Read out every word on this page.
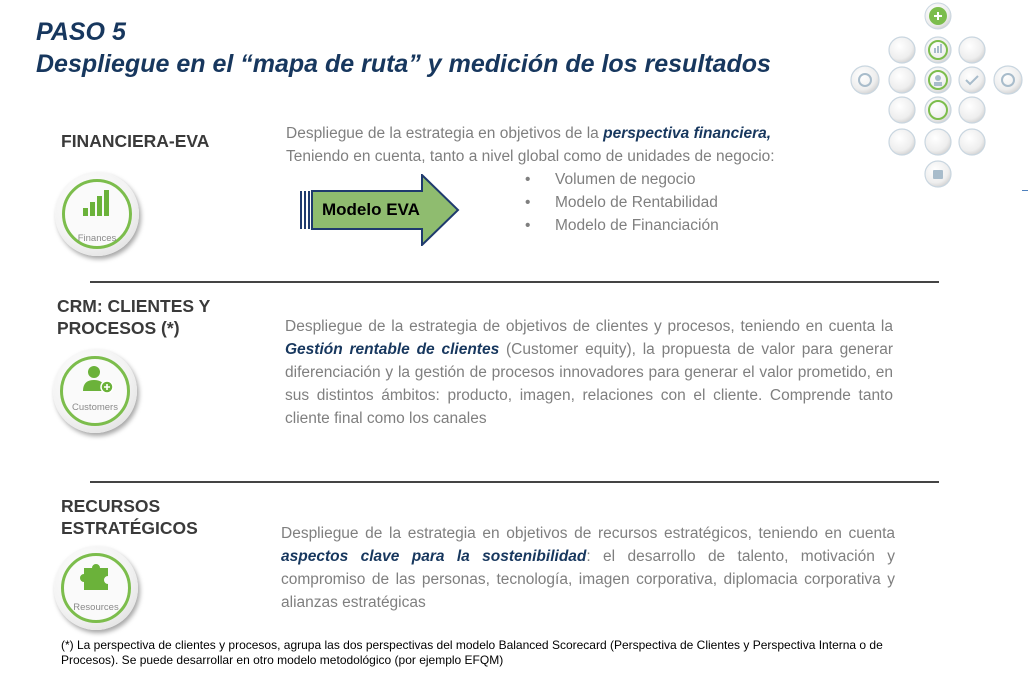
PASO 5
Despliegue en el “mapa de ruta” y medición de los resultados
FINANCIERA-EVA
Finances
Despliegue de la estrategia en objetivos de la perspectiva financiera,
Teniendo en cuenta, tanto a nivel global como de unidades de negocio:
• Volumen de negocio
• Modelo de Rentabilidad
• Modelo de Financiación
Modelo EVA
CRM: CLIENTES Y
PROCESOS (*)
Customers
Despliegue de la estrategia de objetivos de clientes y procesos, teniendo en cuenta la Gestión rentable de clientes (Customer equity), la propuesta de valor para generar diferenciación y la gestión de procesos innovadores para generar el valor prometido, en sus distintos ámbitos: producto, imagen, relaciones con el cliente. Comprende tanto cliente final como los canales
RECURSOS
ESTRATÉGICOS
Resources
Despliegue de la estrategia en objetivos de recursos estratégicos, teniendo en cuenta aspectos clave para la sostenibilidad: el desarrollo de talento, motivación y compromiso de las personas, tecnología, imagen corporativa, diplomacia corporativa y alianzas estratégicas
(*) La perspectiva de clientes y procesos, agrupa las dos perspectivas del modelo Balanced Scorecard (Perspectiva de Clientes y Perspectiva Interna o de Procesos). Se puede desarrollar en otro modelo metodológico (por ejemplo EFQM)
